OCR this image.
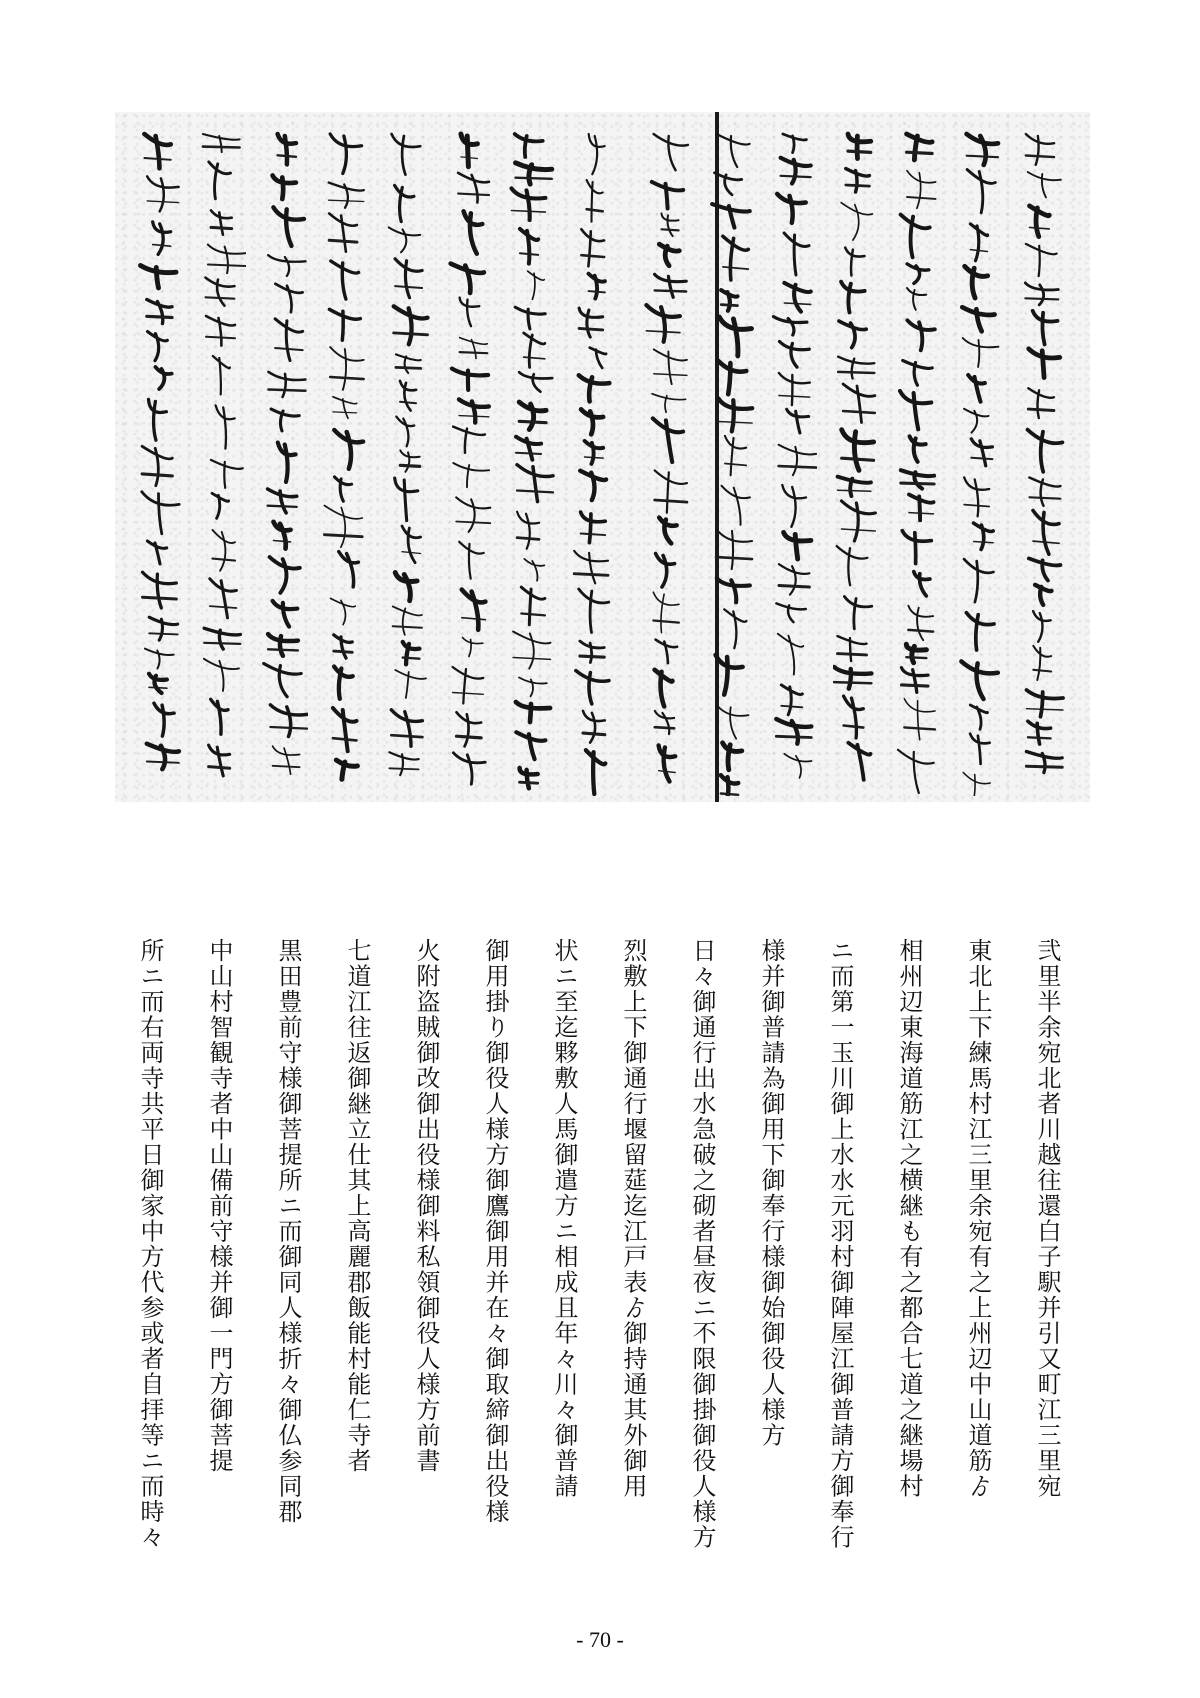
弐里半余宛北者川越往還白子駅并引又町江三里宛
東北上下練馬村江三里余宛有之上州辺中山道筋ゟ
相州辺東海道筋江之横継も有之都合七道之継場村
ニ而第一玉川御上水水元羽村御陣屋江御普請方御奉行
様并御普請為御用下御奉行様御始御役人様方
日々御通行出水急破之砌者昼夜ニ不限御掛御役人様方
烈敷上下御通行堰留莚迄江戸表ゟ御持通其外御用
状ニ至迄夥敷人馬御遣方ニ相成且年々川々御普請
御用掛り御役人様方御鷹御用并在々御取締御出役様
火附盗賊御改御出役様御料私領御役人様方前書
七道江往返御継立仕其上高麗郡飯能村能仁寺者
黒田豊前守様御菩提所ニ而御同人様折々御仏参同郡
中山村智観寺者中山備前守様并御一門方御菩提
所ニ而右両寺共平日御家中方代参或者自拝等ニ而時々
- 70 -
